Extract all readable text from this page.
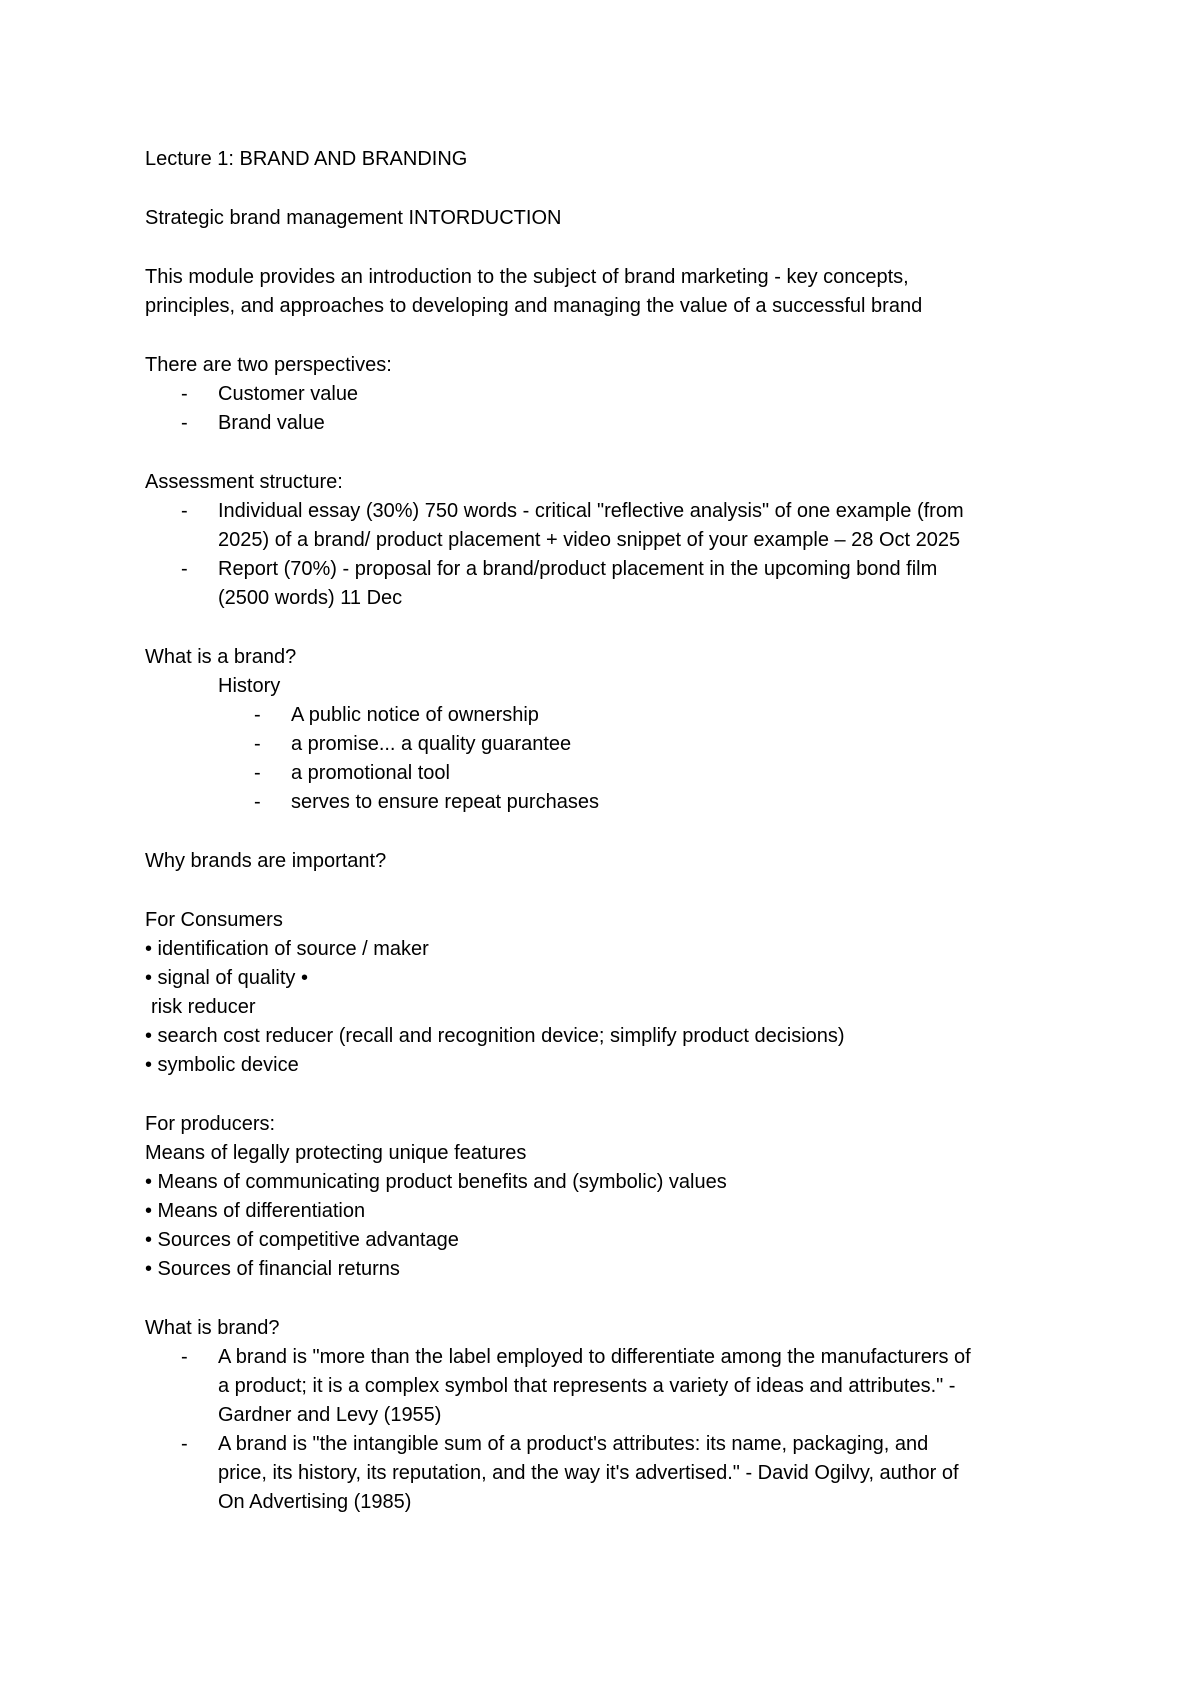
Lecture 1: BRAND AND BRANDING

Strategic brand management INTORDUCTION

This module provides an introduction to the subject of brand marketing - key concepts,

principles, and approaches to developing and managing the value of a successful brand

There are two perspectives:

- Customer value

- Brand value

Assessment structure:

- Individual essay (30%) 750 words - critical "reflective analysis" of one example (from

2025) of a brand/ product placement + video snippet of your example – 28 Oct 2025

- Report (70%) - proposal for a brand/product placement in the upcoming bond film

(2500 words) 11 Dec

What is a brand?

History

- A public notice of ownership

- a promise... a quality guarantee

- a promotional tool

- serves to ensure repeat purchases

Why brands are important?

For Consumers

• identification of source / maker

• signal of quality •

risk reducer

• search cost reducer (recall and recognition device; simplify product decisions)

• symbolic device

For producers:

Means of legally protecting unique features

• Means of communicating product benefits and (symbolic) values

• Means of differentiation

• Sources of competitive advantage

• Sources of financial returns

What is brand?

- A brand is "more than the label employed to differentiate among the manufacturers of

a product; it is a complex symbol that represents a variety of ideas and attributes." -

Gardner and Levy (1955)

- A brand is "the intangible sum of a product's attributes: its name, packaging, and

price, its history, its reputation, and the way it's advertised." - David Ogilvy, author of

On Advertising (1985)
